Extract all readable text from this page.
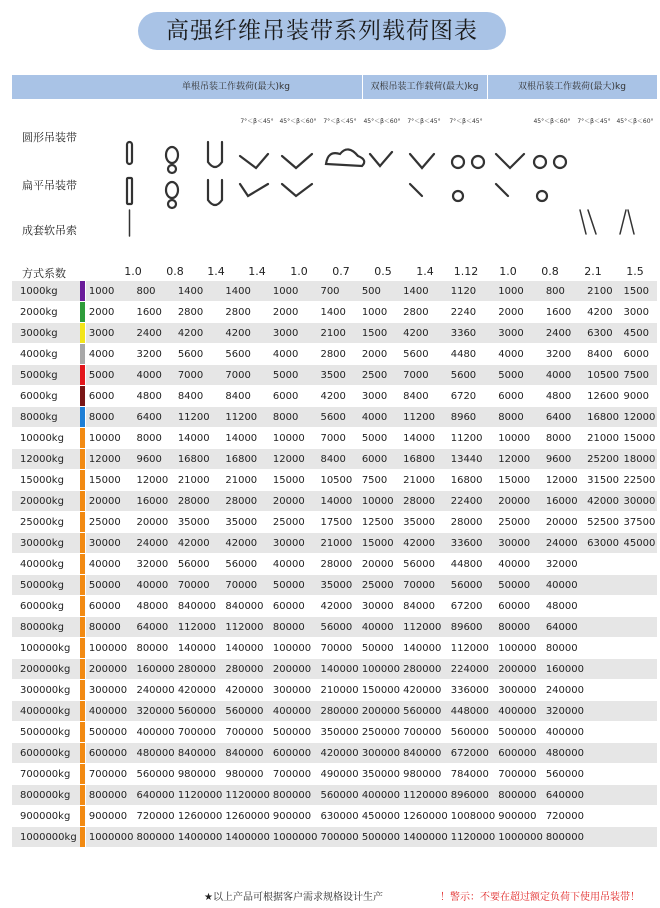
高强纤维吊装带系列载荷图表
单根吊装工作载荷(最大)kg	双根吊装工作载荷(最大)kg	双根吊装工作载荷(最大)kg
7°＜β＜45° 45°＜β＜60°	7°＜β＜45°	45°＜β＜60°	7°＜β＜45°	7°＜β＜45°	45°＜β＜60°	7°＜β＜45° 45°＜β＜60°
圆形吊装带
扁平吊装带
成套软吊索
方式系数	1.0	0.8	1.4	1.4	1.0	0.7	0.5	1.4	1.12	1.0	0.8	2.1	1.5
1000kg			1000	800	1400	1400	1000	700	500	1400	1120	1000	800	2100	1500
2000kg			2000	1600	2800	2800	2000	1400	1000	2800	2240	2000	1600	4200	3000
3000kg			3000	2400	4200	4200	3000	2100	1500	4200	3360	3000	2400	6300	4500
4000kg			4000	3200	5600	5600	4000	2800	2000	5600	4480	4000	3200	8400	6000
5000kg			5000	4000	7000	7000	5000	3500	2500	7000	5600	5000	4000	10500	7500
6000kg			6000	4800	8400	8400	6000	4200	3000	8400	6720	6000	4800	12600	9000
8000kg			8000	6400	11200	11200	8000	5600	4000	11200	8960	8000	6400	16800	12000
10000kg			10000	8000	14000	14000	10000	7000	5000	14000	11200	10000	8000	21000	15000
12000kg			12000	9600	16800	16800	12000	8400	6000	16800	13440	12000	9600	25200	18000
15000kg			15000	12000	21000	21000	15000	10500	7500	21000	16800	15000	12000	31500	22500
20000kg			20000	16000	28000	28000	20000	14000	10000	28000	22400	20000	16000	42000	30000
25000kg			25000	20000	35000	35000	25000	17500	12500	35000	28000	25000	20000	52500	37500
30000kg			30000	24000	42000	42000	30000	21000	15000	42000	33600	30000	24000	63000	45000
40000kg			40000	32000	56000	56000	40000	28000	20000	56000	44800	40000	32000		
50000kg			50000	40000	70000	70000	50000	35000	25000	70000	56000	50000	40000		
60000kg			60000	48000	840000	840000	60000	42000	30000	84000	67200	60000	48000		
80000kg			80000	64000	112000	112000	80000	56000	40000	112000	89600	80000	64000		
100000kg			100000	80000	140000	140000	100000	70000	50000	140000	112000	100000	80000		
200000kg			200000	160000	280000	280000	200000	140000	100000	280000	224000	200000	160000		
300000kg			300000	240000	420000	420000	300000	210000	150000	420000	336000	300000	240000		
400000kg			400000	320000	560000	560000	400000	280000	200000	560000	448000	400000	320000		
500000kg			500000	400000	700000	700000	500000	350000	250000	700000	560000	500000	400000		
600000kg			600000	480000	840000	840000	600000	420000	300000	840000	672000	600000	480000		
700000kg			700000	560000	980000	980000	700000	490000	350000	980000	784000	700000	560000		
800000kg			800000	640000	1120000	1120000	800000	560000	400000	1120000	896000	800000	640000		
900000kg			900000	720000	1260000	1260000	900000	630000	450000	1260000	1008000	900000	720000		
1000000kg			1000000	800000	1400000	1400000	1000000	700000	500000	1400000	1120000	1000000	800000		
★以上产品可根据客户需求规格设计生产	！警示：不要在超过额定负荷下使用吊装带！
